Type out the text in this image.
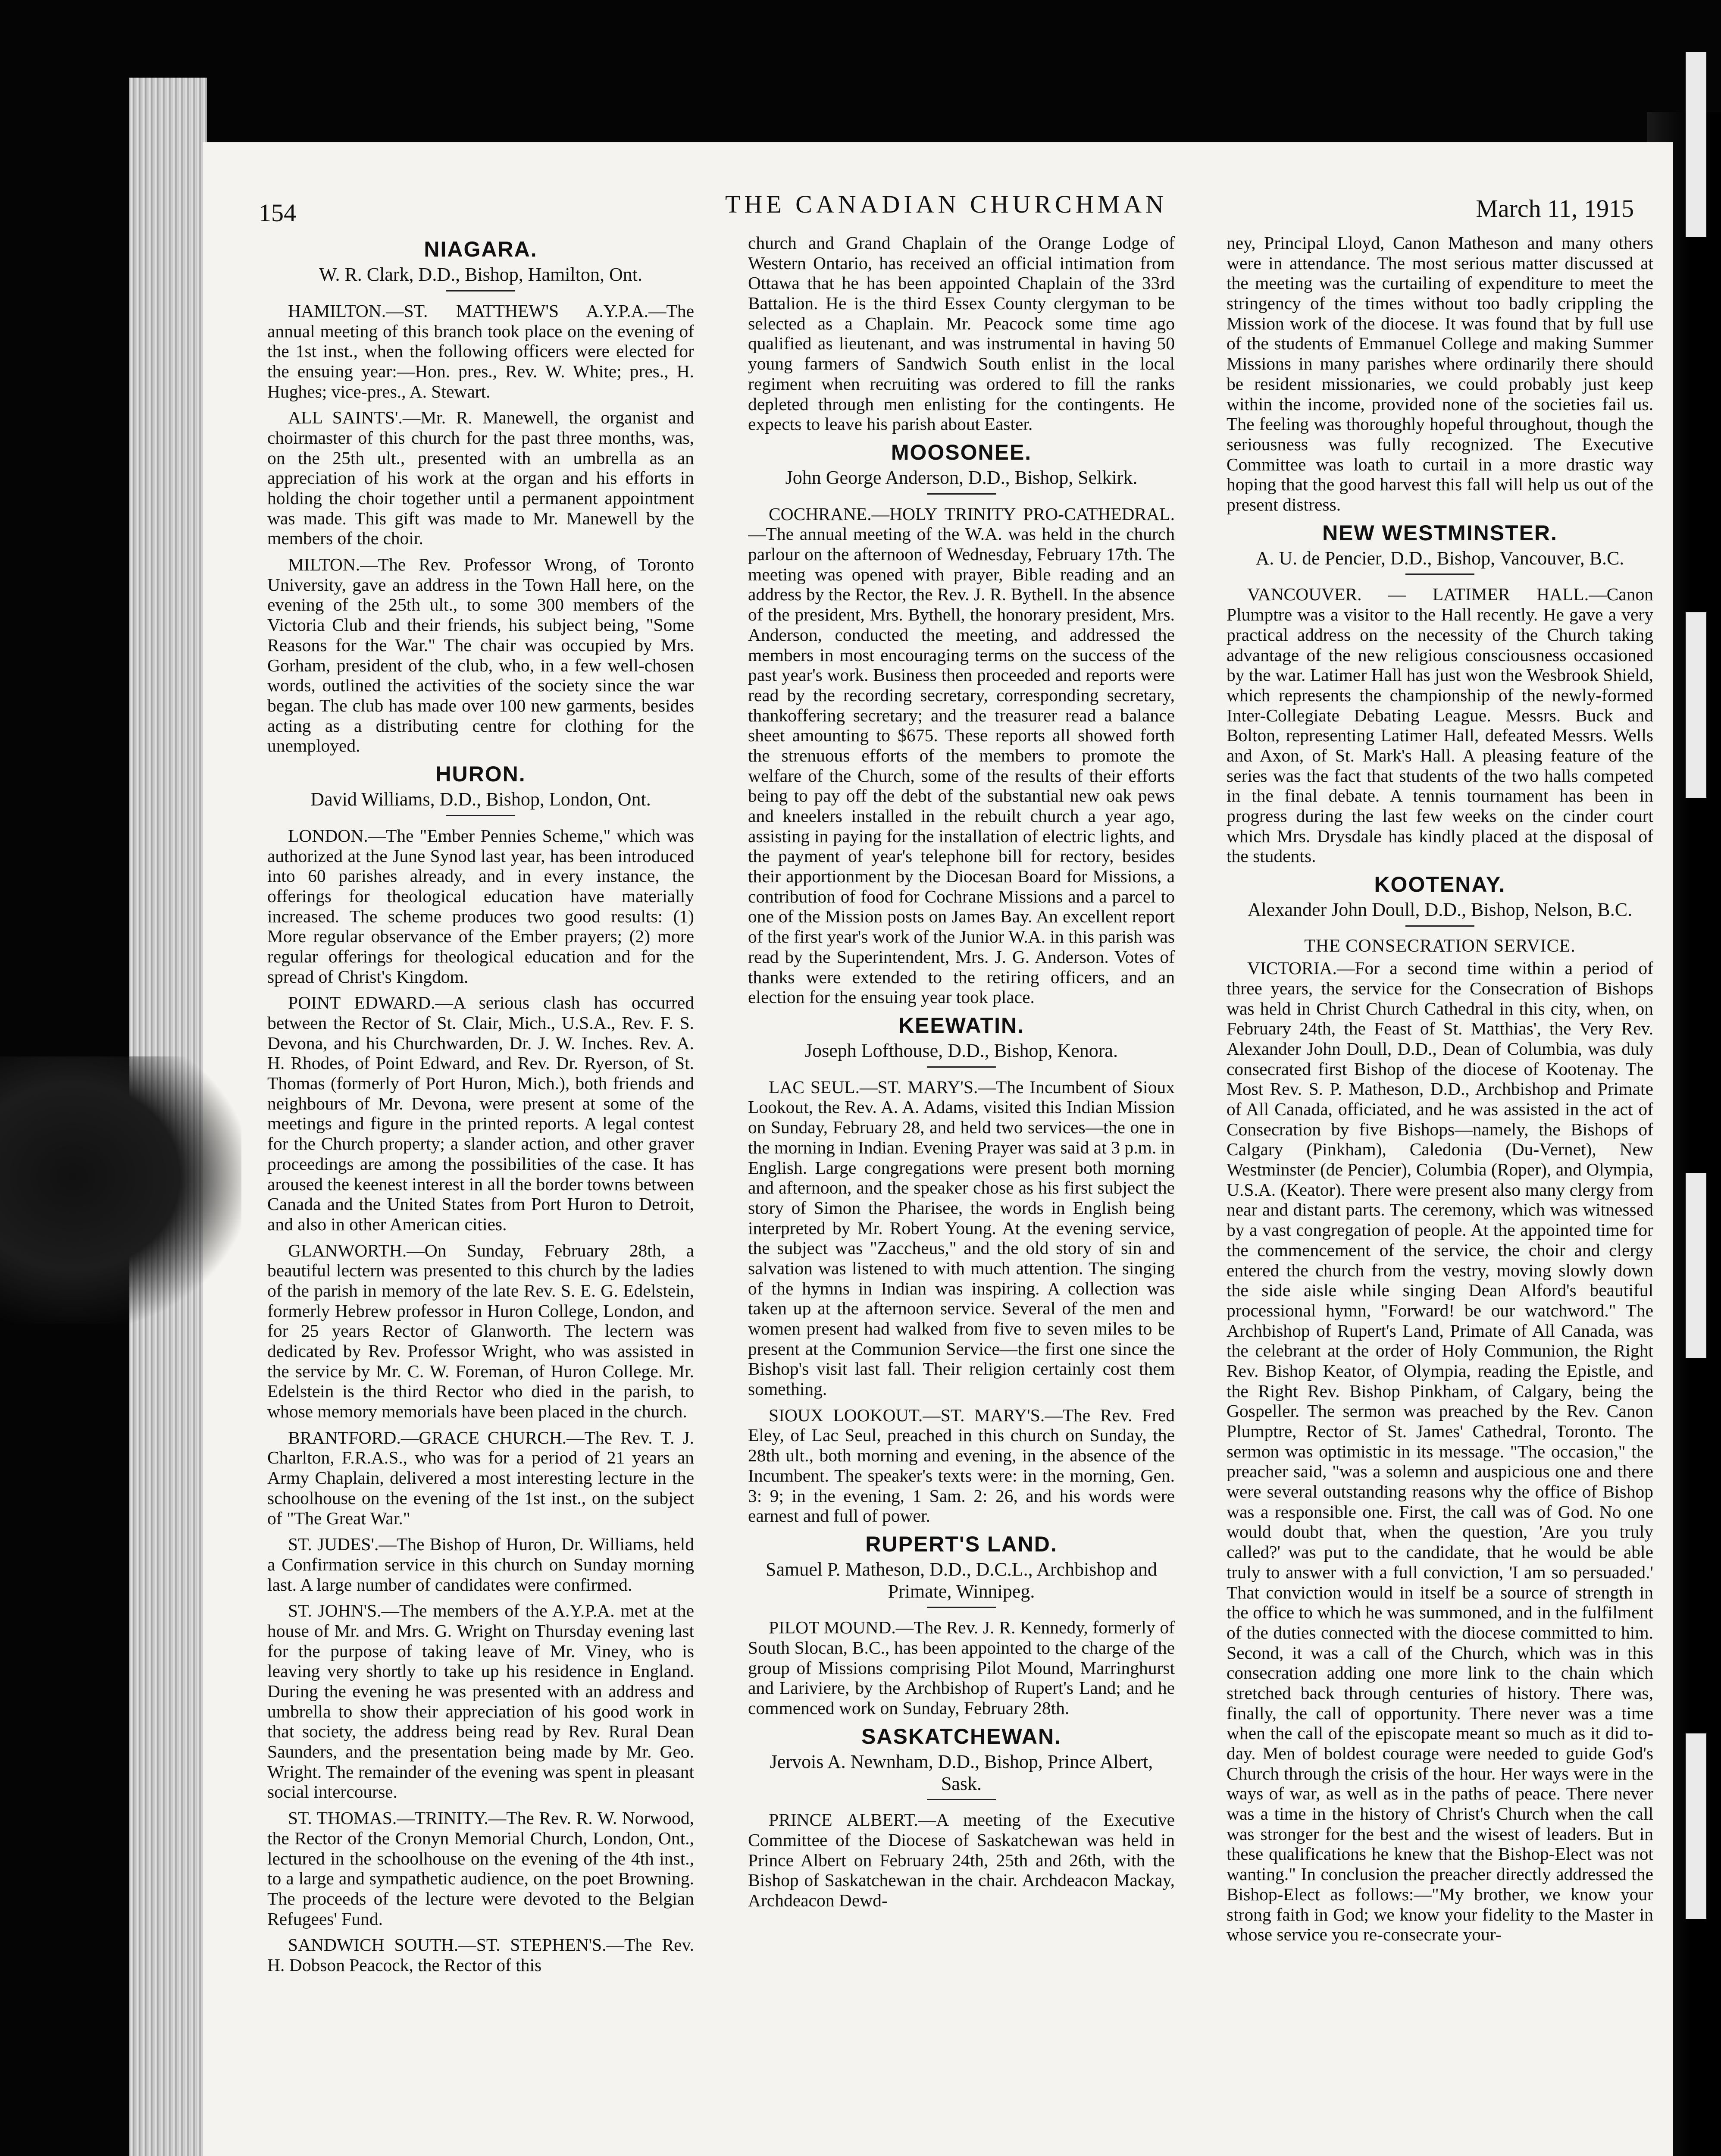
154	THE CANADIAN CHURCHMAN	March 11, 1915
NIAGARA.
W. R. Clark, D.D., Bishop, Hamilton, Ont.

HAMILTON.—ST. MATTHEW'S A.Y.P.A.—The annual meeting of this branch took place on the evening of the 1st inst., when the following officers were elected for the ensuing year:—Hon. pres., Rev. W. White; pres., H. Hughes; vice-pres., A. Stewart.

ALL SAINTS'.—Mr. R. Manewell, the organist and choirmaster of this church for the past three months, was, on the 25th ult., presented with an umbrella as an appreciation of his work at the organ and his efforts in holding the choir together until a permanent appointment was made. This gift was made to Mr. Manewell by the members of the choir.

MILTON.—The Rev. Professor Wrong, of Toronto University, gave an address in the Town Hall here, on the evening of the 25th ult., to some 300 members of the Victoria Club and their friends, his subject being, "Some Reasons for the War." The chair was occupied by Mrs. Gorham, president of the club, who, in a few well-chosen words, outlined the activities of the society since the war began. The club has made over 100 new garments, besides acting as a distributing centre for clothing for the unemployed.

HURON.
David Williams, D.D., Bishop, London, Ont.

LONDON.—The "Ember Pennies Scheme," which was authorized at the June Synod last year, has been introduced into 60 parishes already, and in every instance, the offerings for theological education have materially increased. The scheme produces two good results: (1) More regular observance of the Ember prayers; (2) more regular offerings for theological education and for the spread of Christ's Kingdom.

POINT EDWARD.—A serious clash has occurred between the Rector of St. Clair, Mich., U.S.A., Rev. F. S. Devona, and his Churchwarden, Dr. J. W. Inches. Rev. A. H. Rhodes, of Point Edward, and Rev. Dr. Ryerson, of St. Thomas (formerly of Port Huron, Mich.), both friends and neighbours of Mr. Devona, were present at some of the meetings and figure in the printed reports. A legal contest for the Church property; a slander action, and other graver proceedings are among the possibilities of the case. It has aroused the keenest interest in all the border towns between Canada and the United States from Port Huron to Detroit, and also in other American cities.

GLANWORTH.—On Sunday, February 28th, a beautiful lectern was presented to this church by the ladies of the parish in memory of the late Rev. S. E. G. Edelstein, formerly Hebrew professor in Huron College, London, and for 25 years Rector of Glanworth. The lectern was dedicated by Rev. Professor Wright, who was assisted in the service by Mr. C. W. Foreman, of Huron College. Mr. Edelstein is the third Rector who died in the parish, to whose memory memorials have been placed in the church.

BRANTFORD.—GRACE CHURCH.—The Rev. T. J. Charlton, F.R.A.S., who was for a period of 21 years an Army Chaplain, delivered a most interesting lecture in the schoolhouse on the evening of the 1st inst., on the subject of "The Great War."

ST. JUDES'.—The Bishop of Huron, Dr. Williams, held a Confirmation service in this church on Sunday morning last. A large number of candidates were confirmed.

ST. JOHN'S.—The members of the A.Y.P.A. met at the house of Mr. and Mrs. G. Wright on Thursday evening last for the purpose of taking leave of Mr. Viney, who is leaving very shortly to take up his residence in England. During the evening he was presented with an address and umbrella to show their appreciation of his good work in that society, the address being read by Rev. Rural Dean Saunders, and the presentation being made by Mr. Geo. Wright. The remainder of the evening was spent in pleasant social intercourse.

ST. THOMAS.—TRINITY.—The Rev. R. W. Norwood, the Rector of the Cronyn Memorial Church, London, Ont., lectured in the schoolhouse on the evening of the 4th inst., to a large and sympathetic audience, on the poet Browning. The proceeds of the lecture were devoted to the Belgian Refugees' Fund.

SANDWICH SOUTH.—ST. STEPHEN'S.—The Rev. H. Dobson Peacock, the Rector of this

church and Grand Chaplain of the Orange Lodge of Western Ontario, has received an official intimation from Ottawa that he has been appointed Chaplain of the 33rd Battalion. He is the third Essex County clergyman to be selected as a Chaplain. Mr. Peacock some time ago qualified as lieutenant, and was instrumental in having 50 young farmers of Sandwich South enlist in the local regiment when recruiting was ordered to fill the ranks depleted through men enlisting for the contingents. He expects to leave his parish about Easter.

MOOSONEE.
John George Anderson, D.D., Bishop, Selkirk.

COCHRANE.—HOLY TRINITY PRO-CATHEDRAL.—The annual meeting of the W.A. was held in the church parlour on the afternoon of Wednesday, February 17th. The meeting was opened with prayer, Bible reading and an address by the Rector, the Rev. J. R. Bythell. In the absence of the president, Mrs. Bythell, the honorary president, Mrs. Anderson, conducted the meeting, and addressed the members in most encouraging terms on the success of the past year's work. Business then proceeded and reports were read by the recording secretary, corresponding secretary, thankoffering secretary; and the treasurer read a balance sheet amounting to $675. These reports all showed forth the strenuous efforts of the members to promote the welfare of the Church, some of the results of their efforts being to pay off the debt of the substantial new oak pews and kneelers installed in the rebuilt church a year ago, assisting in paying for the installation of electric lights, and the payment of year's telephone bill for rectory, besides their apportionment by the Diocesan Board for Missions, a contribution of food for Cochrane Missions and a parcel to one of the Mission posts on James Bay. An excellent report of the first year's work of the Junior W.A. in this parish was read by the Superintendent, Mrs. J. G. Anderson. Votes of thanks were extended to the retiring officers, and an election for the ensuing year took place.

KEEWATIN.
Joseph Lofthouse, D.D., Bishop, Kenora.

LAC SEUL.—ST. MARY'S.—The Incumbent of Sioux Lookout, the Rev. A. A. Adams, visited this Indian Mission on Sunday, February 28, and held two services—the one in the morning in Indian. Evening Prayer was said at 3 p.m. in English. Large congregations were present both morning and afternoon, and the speaker chose as his first subject the story of Simon the Pharisee, the words in English being interpreted by Mr. Robert Young. At the evening service, the subject was "Zaccheus," and the old story of sin and salvation was listened to with much attention. The singing of the hymns in Indian was inspiring. A collection was taken up at the afternoon service. Several of the men and women present had walked from five to seven miles to be present at the Communion Service—the first one since the Bishop's visit last fall. Their religion certainly cost them something.

SIOUX LOOKOUT.—ST. MARY'S.—The Rev. Fred Eley, of Lac Seul, preached in this church on Sunday, the 28th ult., both morning and evening, in the absence of the Incumbent. The speaker's texts were: in the morning, Gen. 3: 9; in the evening, 1 Sam. 2: 26, and his words were earnest and full of power.

RUPERT'S LAND.
Samuel P. Matheson, D.D., D.C.L., Archbishop and Primate, Winnipeg.

PILOT MOUND.—The Rev. J. R. Kennedy, formerly of South Slocan, B.C., has been appointed to the charge of the group of Missions comprising Pilot Mound, Marringhurst and Lariviere, by the Archbishop of Rupert's Land; and he commenced work on Sunday, February 28th.

SASKATCHEWAN.
Jervois A. Newnham, D.D., Bishop, Prince Albert, Sask.

PRINCE ALBERT.—A meeting of the Executive Committee of the Diocese of Saskatchewan was held in Prince Albert on February 24th, 25th and 26th, with the Bishop of Saskatchewan in the chair. Archdeacon Mackay, Archdeacon Dewd-

ney, Principal Lloyd, Canon Matheson and many others were in attendance. The most serious matter discussed at the meeting was the curtailing of expenditure to meet the stringency of the times without too badly crippling the Mission work of the diocese. It was found that by full use of the students of Emmanuel College and making Summer Missions in many parishes where ordinarily there should be resident missionaries, we could probably just keep within the income, provided none of the societies fail us. The feeling was thoroughly hopeful throughout, though the seriousness was fully recognized. The Executive Committee was loath to curtail in a more drastic way hoping that the good harvest this fall will help us out of the present distress.

NEW WESTMINSTER.
A. U. de Pencier, D.D., Bishop, Vancouver, B.C.

VANCOUVER. — LATIMER HALL.—Canon Plumptre was a visitor to the Hall recently. He gave a very practical address on the necessity of the Church taking advantage of the new religious consciousness occasioned by the war. Latimer Hall has just won the Wesbrook Shield, which represents the championship of the newly-formed Inter-Collegiate Debating League. Messrs. Buck and Bolton, representing Latimer Hall, defeated Messrs. Wells and Axon, of St. Mark's Hall. A pleasing feature of the series was the fact that students of the two halls competed in the final debate. A tennis tournament has been in progress during the last few weeks on the cinder court which Mrs. Drysdale has kindly placed at the disposal of the students.

KOOTENAY.
Alexander John Doull, D.D., Bishop, Nelson, B.C.
THE CONSECRATION SERVICE.

VICTORIA.—For a second time within a period of three years, the service for the Consecration of Bishops was held in Christ Church Cathedral in this city, when, on February 24th, the Feast of St. Matthias', the Very Rev. Alexander John Doull, D.D., Dean of Columbia, was duly consecrated first Bishop of the diocese of Kootenay. The Most Rev. S. P. Matheson, D.D., Archbishop and Primate of All Canada, officiated, and he was assisted in the act of Consecration by five Bishops—namely, the Bishops of Calgary (Pinkham), Caledonia (Du-Vernet), New Westminster (de Pencier), Columbia (Roper), and Olympia, U.S.A. (Keator). There were present also many clergy from near and distant parts. The ceremony, which was witnessed by a vast congregation of people. At the appointed time for the commencement of the service, the choir and clergy entered the church from the vestry, moving slowly down the side aisle while singing Dean Alford's beautiful processional hymn, "Forward! be our watchword." The Archbishop of Rupert's Land, Primate of All Canada, was the celebrant at the order of Holy Communion, the Right Rev. Bishop Keator, of Olympia, reading the Epistle, and the Right Rev. Bishop Pinkham, of Calgary, being the Gospeller. The sermon was preached by the Rev. Canon Plumptre, Rector of St. James' Cathedral, Toronto. The sermon was optimistic in its message. "The occasion," the preacher said, "was a solemn and auspicious one and there were several outstanding reasons why the office of Bishop was a responsible one. First, the call was of God. No one would doubt that, when the question, 'Are you truly called?' was put to the candidate, that he would be able truly to answer with a full conviction, 'I am so persuaded.' That conviction would in itself be a source of strength in the office to which he was summoned, and in the fulfilment of the duties connected with the diocese committed to him. Second, it was a call of the Church, which was in this consecration adding one more link to the chain which stretched back through centuries of history. There was, finally, the call of opportunity. There never was a time when the call of the episcopate meant so much as it did to-day. Men of boldest courage were needed to guide God's Church through the crisis of the hour. Her ways were in the ways of war, as well as in the paths of peace. There never was a time in the history of Christ's Church when the call was stronger for the best and the wisest of leaders. But in these qualifications he knew that the Bishop-Elect was not wanting." In conclusion the preacher directly addressed the Bishop-Elect as follows:—"My brother, we know your strong faith in God; we know your fidelity to the Master in whose service you re-consecrate your-
